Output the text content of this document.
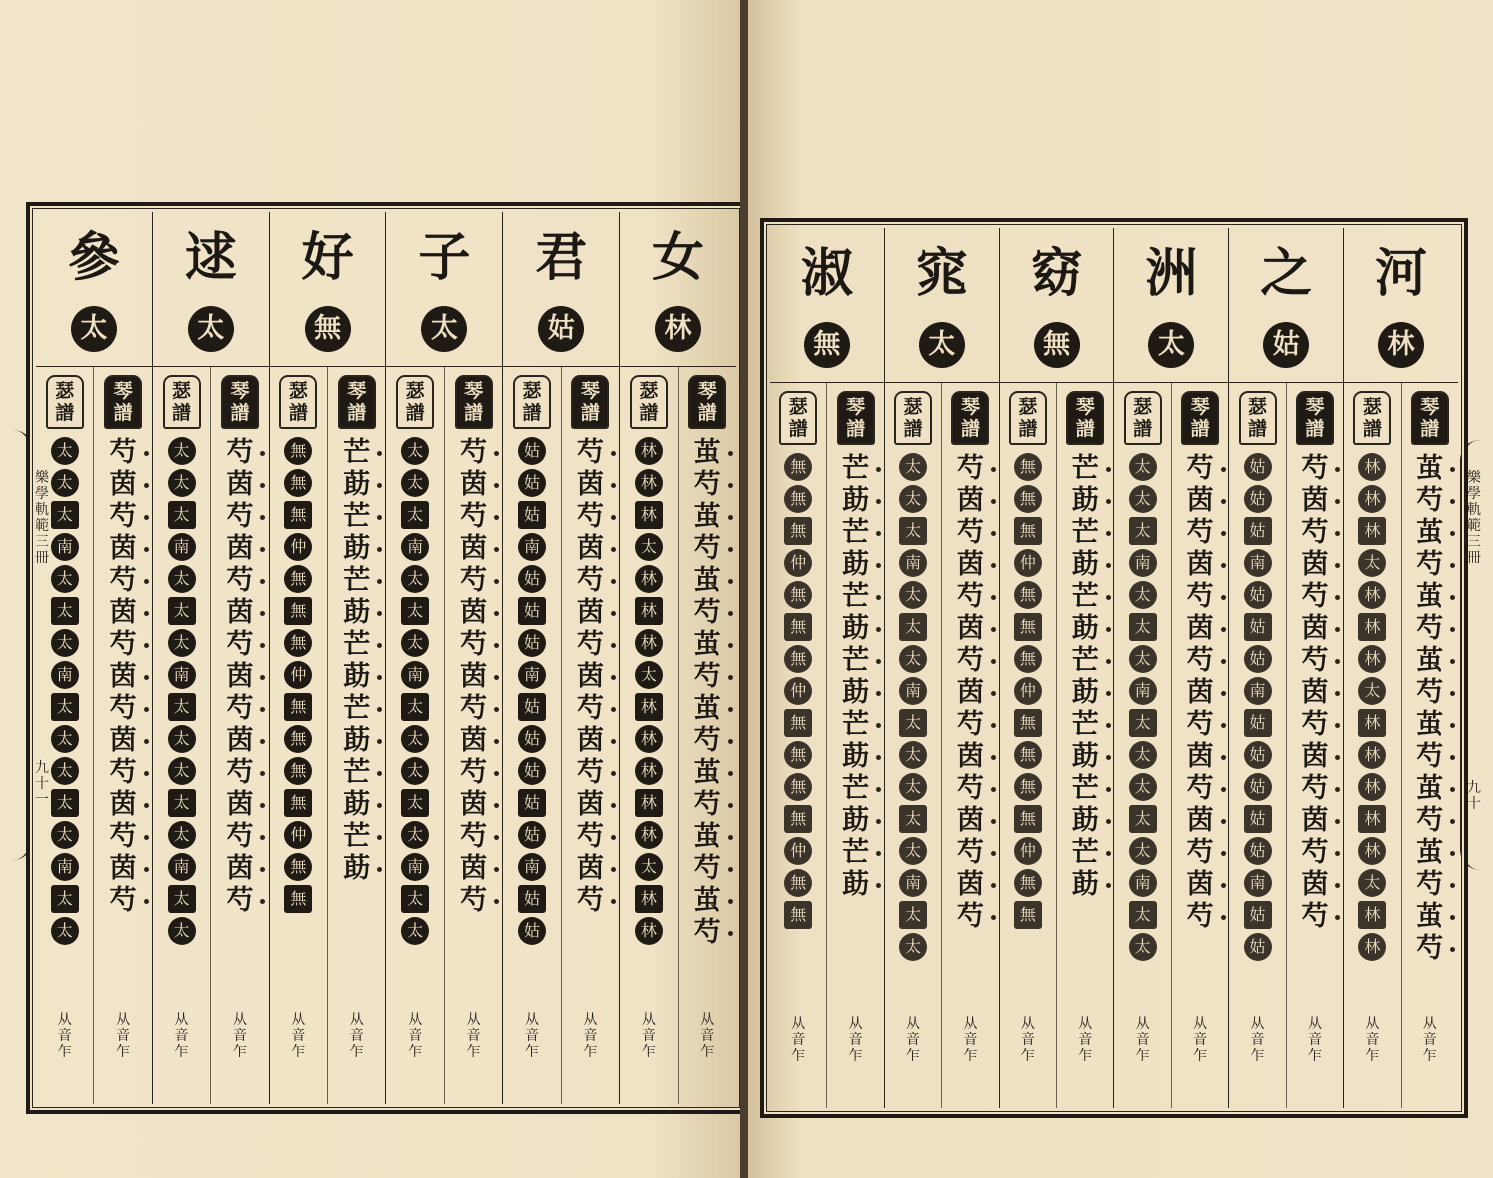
樂學軌範三冊
九十一
參
太
瑟譜
太
太
太
南
太
太
太
南
太
太
太
太
太
南
太
太
从音乍
琴譜
芍
茵
芍
茵
芍
茵
芍
茵
芍
茵
芍
茵
芍
茵
芍
从音乍
逑
太
瑟譜
太
太
太
南
太
太
太
南
太
太
太
太
太
南
太
太
从音乍
琴譜
芍
茵
芍
茵
芍
茵
芍
茵
芍
茵
芍
茵
芍
茵
芍
从音乍
好
無
瑟譜
無
無
無
仲
無
無
無
仲
無
無
無
無
仲
無
無
从音乍
琴譜
芒
莇
芒
莇
芒
莇
芒
莇
芒
莇
芒
莇
芒
莇
从音乍
子
太
瑟譜
太
太
太
南
太
太
太
南
太
太
太
太
太
南
太
太
从音乍
琴譜
芍
茵
芍
茵
芍
茵
芍
茵
芍
茵
芍
茵
芍
茵
芍
从音乍
君
姑
瑟譜
姑
姑
姑
南
姑
姑
姑
南
姑
姑
姑
姑
姑
南
姑
姑
从音乍
琴譜
芍
茵
芍
茵
芍
茵
芍
茵
芍
茵
芍
茵
芍
茵
芍
从音乍
女
林
瑟譜
林
林
林
太
林
林
林
太
林
林
林
林
林
太
林
林
从音乍
琴譜
茧
芍
茧
芍
茧
芍
茧
芍
茧
芍
茧
芍
茧
芍
茧
芍
从音乍
樂學軌範三冊
九十
淑
無
瑟譜
無
無
無
仲
無
無
無
仲
無
無
無
無
仲
無
無
从音乍
琴譜
芒
莇
芒
莇
芒
莇
芒
莇
芒
莇
芒
莇
芒
莇
从音乍
窕
太
瑟譜
太
太
太
南
太
太
太
南
太
太
太
太
太
南
太
太
从音乍
琴譜
芍
茵
芍
茵
芍
茵
芍
茵
芍
茵
芍
茵
芍
茵
芍
从音乍
窈
無
瑟譜
無
無
無
仲
無
無
無
仲
無
無
無
無
仲
無
無
从音乍
琴譜
芒
莇
芒
莇
芒
莇
芒
莇
芒
莇
芒
莇
芒
莇
从音乍
洲
太
瑟譜
太
太
太
南
太
太
太
南
太
太
太
太
太
南
太
太
从音乍
琴譜
芍
茵
芍
茵
芍
茵
芍
茵
芍
茵
芍
茵
芍
茵
芍
从音乍
之
姑
瑟譜
姑
姑
姑
南
姑
姑
姑
南
姑
姑
姑
姑
姑
南
姑
姑
从音乍
琴譜
芍
茵
芍
茵
芍
茵
芍
茵
芍
茵
芍
茵
芍
茵
芍
从音乍
河
林
瑟譜
林
林
林
太
林
林
林
太
林
林
林
林
林
太
林
林
从音乍
琴譜
茧
芍
茧
芍
茧
芍
茧
芍
茧
芍
茧
芍
茧
芍
茧
芍
从音乍
